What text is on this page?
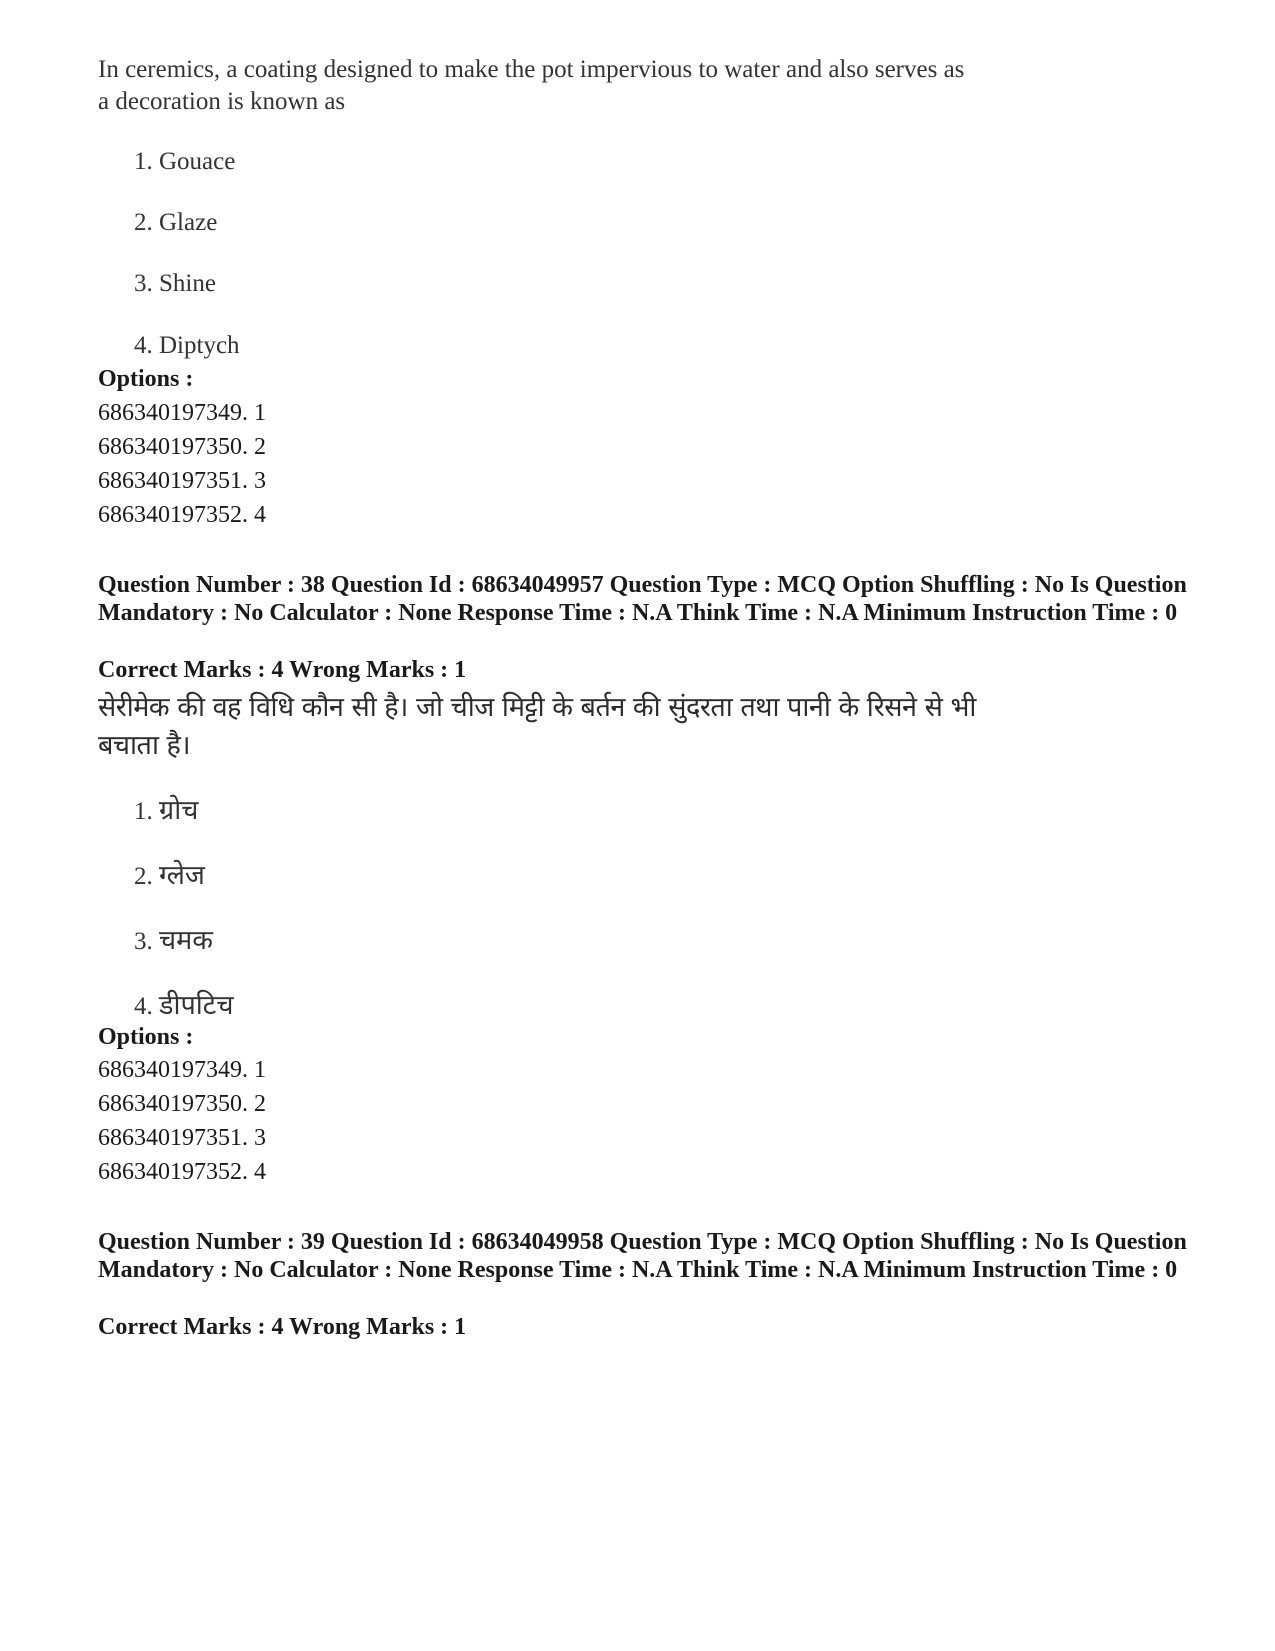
In ceremics, a coating designed to make the pot impervious to water and also serves as a decoration is known as
1. Gouace
2. Glaze
3. Shine
4. Diptych
Options :
686340197349. 1
686340197350. 2
686340197351. 3
686340197352. 4
Question Number : 38 Question Id : 68634049957 Question Type : MCQ Option Shuffling : No Is Question Mandatory : No Calculator : None Response Time : N.A Think Time : N.A Minimum Instruction Time : 0
Correct Marks : 4 Wrong Marks : 1
सेरीमेक की वह विधि कौन सी है। जो चीज मिट्टी के बर्तन की सुंदरता तथा पानी के रिसने से भी बचाता है।
1. ग्रोच
2. ग्लेज
3. चमक
4. डीपटिच
Options :
686340197349. 1
686340197350. 2
686340197351. 3
686340197352. 4
Question Number : 39 Question Id : 68634049958 Question Type : MCQ Option Shuffling : No Is Question Mandatory : No Calculator : None Response Time : N.A Think Time : N.A Minimum Instruction Time : 0
Correct Marks : 4 Wrong Marks : 1
